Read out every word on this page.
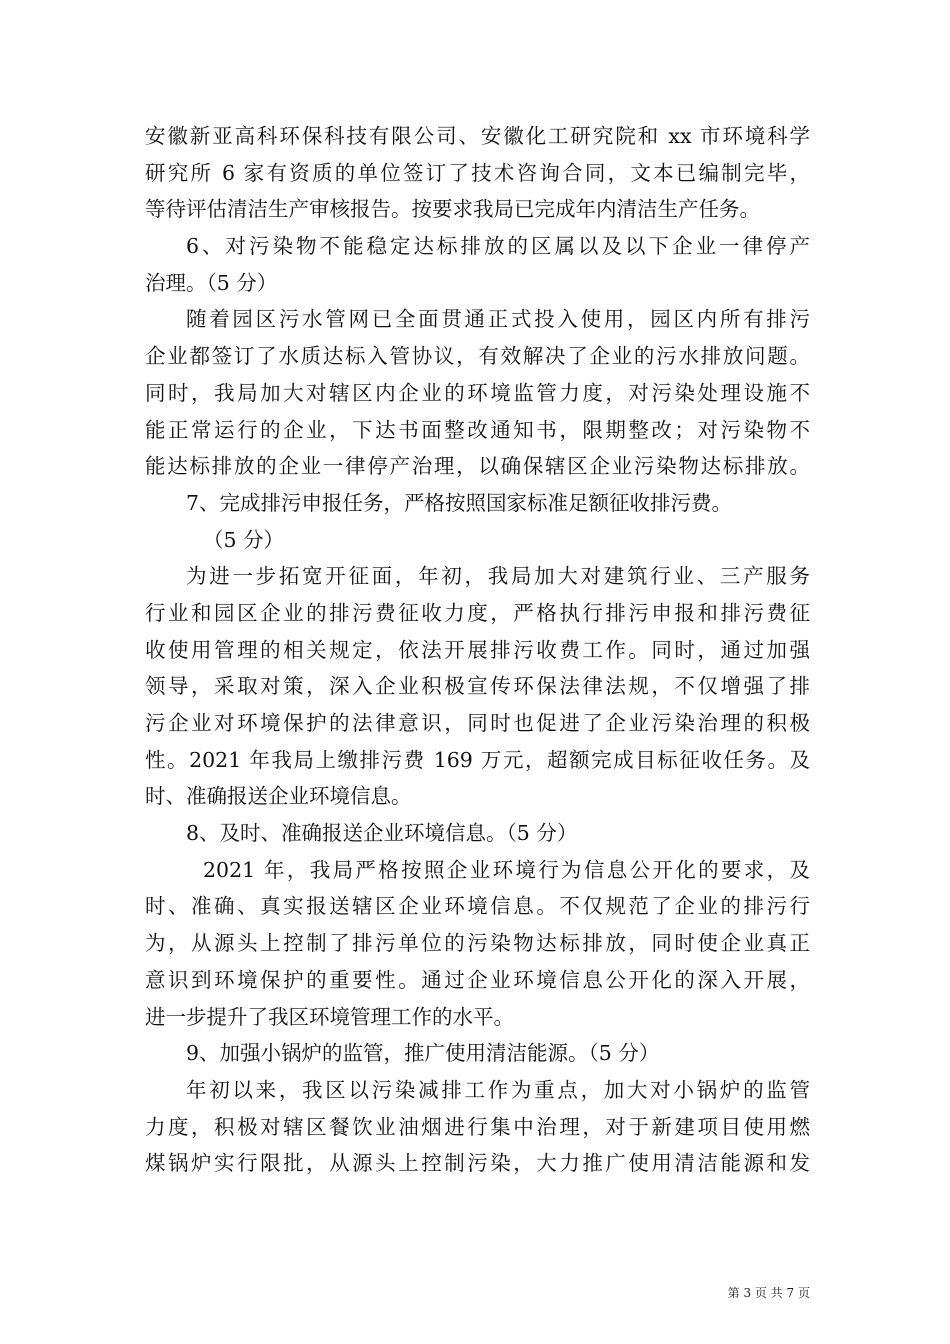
安徽新亚高科环保科技有限公司、安徽化工研究院和 xx 市环境科学
研究所 6 家有资质的单位签订了技术咨询合同，文本已编制完毕，
等待评估清洁生产审核报告。按要求我局已完成年内清洁生产任务。
6、对污染物不能稳定达标排放的区属以及以下企业一律停产
治理。（5 分）
随着园区污水管网已全面贯通正式投入使用，园区内所有排污
企业都签订了水质达标入管协议，有效解决了企业的污水排放问题。
同时，我局加大对辖区内企业的环境监管力度，对污染处理设施不
能正常运行的企业，下达书面整改通知书，限期整改；对污染物不
能达标排放的企业一律停产治理，以确保辖区企业污染物达标排放。
7、完成排污申报任务，严格按照国家标准足额征收排污费。
（5 分）
为进一步拓宽开征面，年初，我局加大对建筑行业、三产服务
行业和园区企业的排污费征收力度，严格执行排污申报和排污费征
收使用管理的相关规定，依法开展排污收费工作。同时，通过加强
领导，采取对策，深入企业积极宣传环保法律法规，不仅增强了排
污企业对环境保护的法律意识，同时也促进了企业污染治理的积极
性。2021 年我局上缴排污费 169 万元，超额完成目标征收任务。及
时、准确报送企业环境信息。
8、及时、准确报送企业环境信息。（5 分）
2021 年，我局严格按照企业环境行为信息公开化的要求，及
时、准确、真实报送辖区企业环境信息。不仅规范了企业的排污行
为，从源头上控制了排污单位的污染物达标排放，同时使企业真正
意识到环境保护的重要性。通过企业环境信息公开化的深入开展，
进一步提升了我区环境管理工作的水平。
9、加强小锅炉的监管，推广使用清洁能源。（5 分）
年初以来，我区以污染减排工作为重点，加大对小锅炉的监管
力度，积极对辖区餐饮业油烟进行集中治理，对于新建项目使用燃
煤锅炉实行限批，从源头上控制污染，大力推广使用清洁能源和发
第 3 页 共 7 页
